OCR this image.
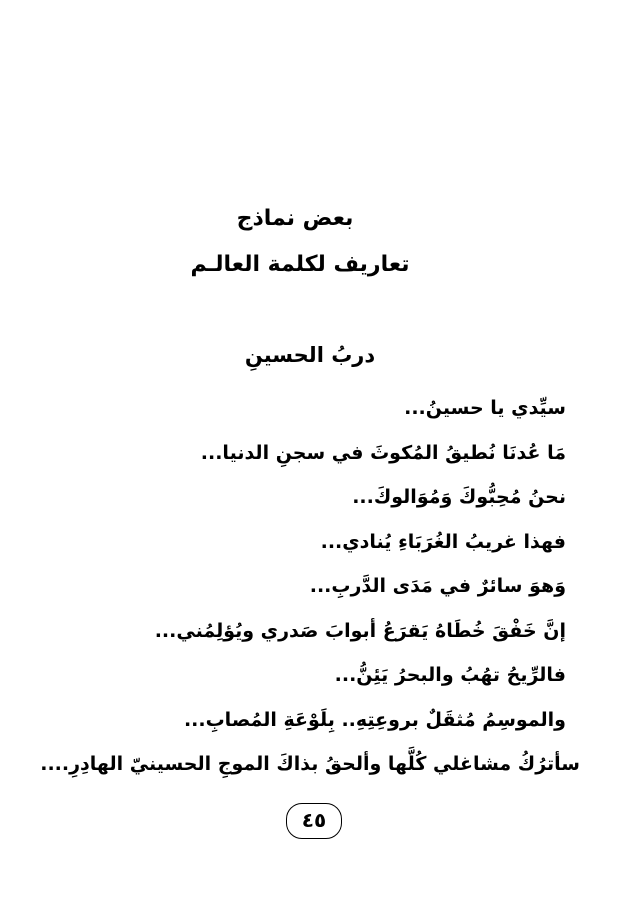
بعض نماذج
تعاريف لكلمة العالـم
دربُ الحسينِ
سيِّدي يا حسينُ...
مَا عُدنَا نُطيقُ المُكوثَ في سجنِ الدنيا...
نحنُ مُحِبُّوكَ وَمُوَالوكَ...
فهذا غريبُ الغُرَبَاءِ يُنادي...
وَهوَ سائرٌ في مَدَى الدَّربِ...
إنَّ خَفْقَ خُطَاهُ يَقرَعُ أبوابَ صَدري ويُؤلِمُني...
فالرِّيحُ تهُبُ والبحرُ يَئِنُّ...
والموسِمُ مُثقَلٌ بروعِتِهِ.. بِلَوْعَةِ المُصابِ...
سأترُكُ مشاغلي كُلَّها وألحقُ بذاكَ الموجِ الحسينيّ الهادِرِ....
٤٥
